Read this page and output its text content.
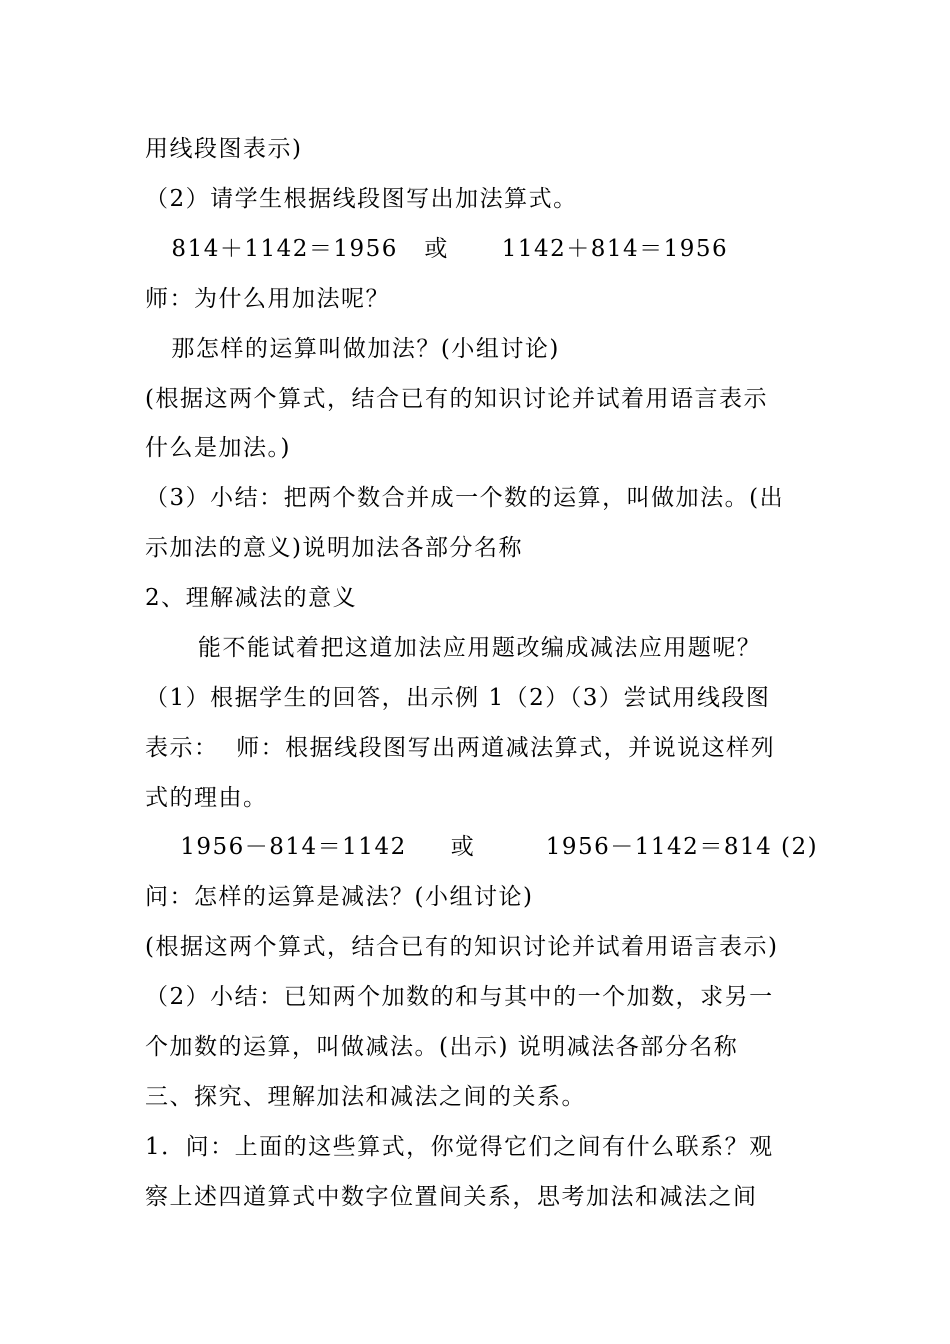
用线段图表示)
（2）请学生根据线段图写出加法算式。
814＋1142＝1956   或      1142＋814＝1956
师：为什么用加法呢？
那怎样的运算叫做加法？(小组讨论)
(根据这两个算式，结合已有的知识讨论并试着用语言表示
什么是加法。)
（3）小结：把两个数合并成一个数的运算，叫做加法。(出
示加法的意义)说明加法各部分名称
2、理解减法的意义
能不能试着把这道加法应用题改编成减法应用题呢？
（1）根据学生的回答，出示例 1（2）（3）尝试用线段图
表示：  师：根据线段图写出两道减法算式，并说说这样列
式的理由。
1956－814＝1142     或        1956－1142＝814 (2)
问：怎样的运算是减法？(小组讨论)
(根据这两个算式，结合已有的知识讨论并试着用语言表示)
（2）小结：已知两个加数的和与其中的一个加数，求另一
个加数的运算，叫做减法。(出示) 说明减法各部分名称
三、探究、理解加法和减法之间的关系。
1．问：上面的这些算式，你觉得它们之间有什么联系？观
察上述四道算式中数字位置间关系，思考加法和减法之间
